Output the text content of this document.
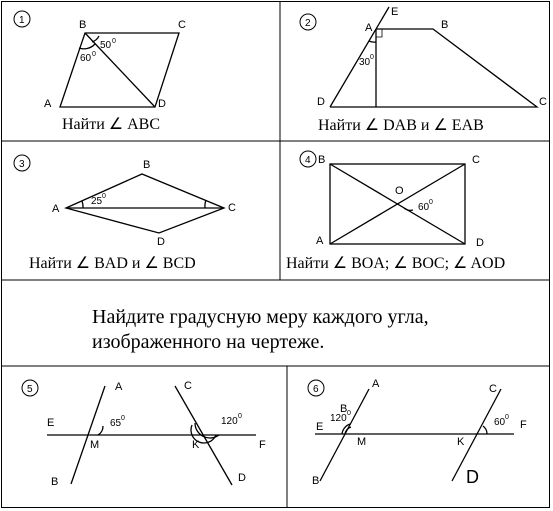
1	B	C
A	D
50 0
60 0
Найти ∠ ABC
2
E
A	B
C
D
30 0
Найти ∠ DAB и ∠ EAB
3	B
A	C
D
25 0
Найти ∠ BAD и ∠ BCD
4 B	C
A	D
O
60 0
Найти ∠ BOA; ∠ BOC; ∠ AOD
Найдите градусную меру каждого угла,
изображенного на чертеже.
5	A
B
C
D
E
F
M	K
65 0	120 0
6	A
B
B
C
D
E	F
M	K
120 0
60 0
